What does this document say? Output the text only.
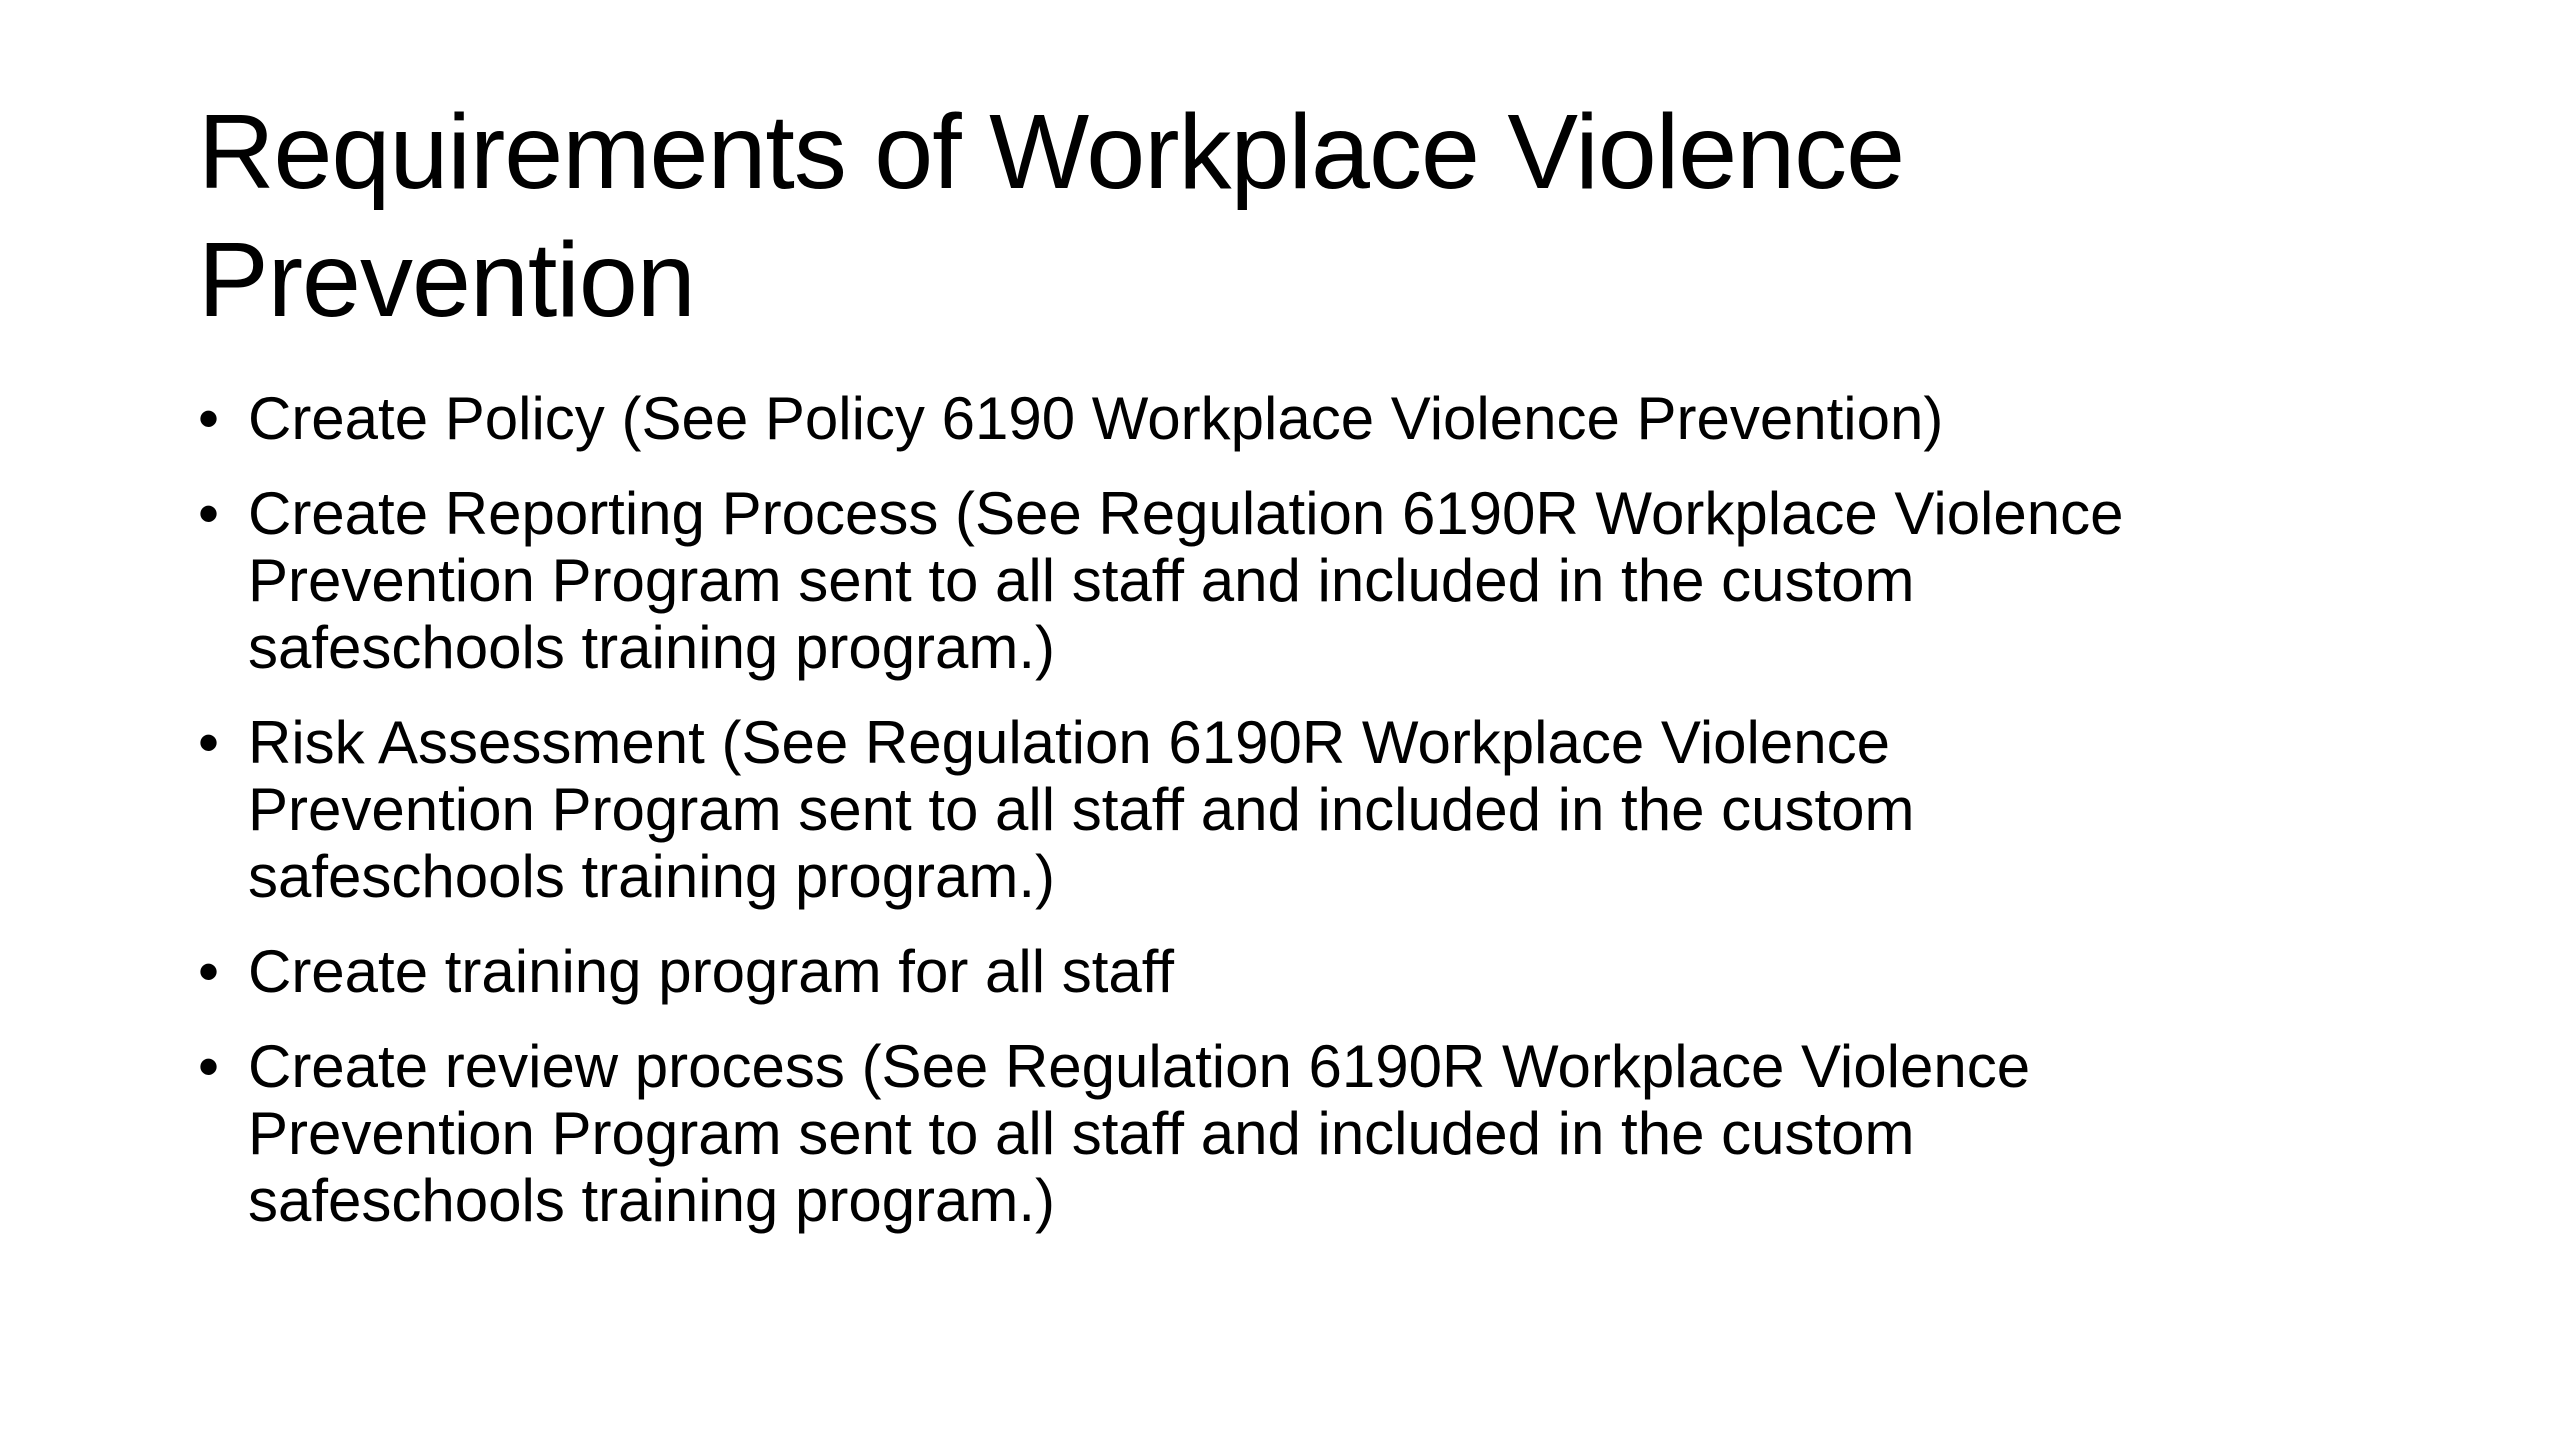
Requirements of Workplace Violence
Prevention
• Create Policy (See Policy 6190 Workplace Violence Prevention)
• Create Reporting Process (See Regulation 6190R Workplace Violence
Prevention Program sent to all staff and included in the custom
safeschools training program.)
• Risk Assessment (See Regulation 6190R Workplace Violence
Prevention Program sent to all staff and included in the custom
safeschools training program.)
• Create training program for all staff
• Create review process (See Regulation 6190R Workplace Violence
Prevention Program sent to all staff and included in the custom
safeschools training program.)
